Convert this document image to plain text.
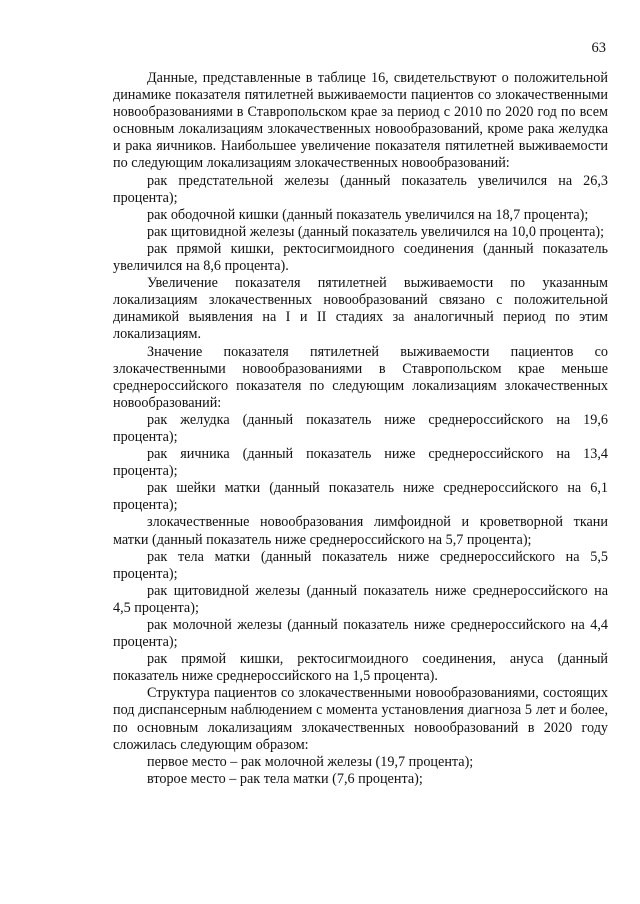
63

Данные, представленные в таблице 16, свидетельствуют о положительной динамике показателя пятилетней выживаемости пациентов со злокачественными новообразованиями в Ставропольском крае за период с 2010 по 2020 год по всем основным локализациям злокачественных новообразований, кроме рака желудка и рака яичников. Наибольшее увеличение показателя пятилетней выживаемости по следующим локализациям злокачественных новообразований:

рак предстательной железы (данный показатель увеличился на 26,3 процента);

рак ободочной кишки (данный показатель увеличился на 18,7 процента);

рак щитовидной железы (данный показатель увеличился на 10,0 процента);

рак прямой кишки, ректосигмоидного соединения (данный показатель увеличился на 8,6 процента).

Увеличение показателя пятилетней выживаемости по указанным локализациям злокачественных новообразований связано с положительной динамикой выявления на I и II стадиях за аналогичный период по этим локализациям.

Значение показателя пятилетней выживаемости пациентов со злокачественными новообразованиями в Ставропольском крае меньше среднероссийского показателя по следующим локализациям злокачественных новообразований:

рак желудка (данный показатель ниже среднероссийского на 19,6 процента);

рак яичника (данный показатель ниже среднероссийского на 13,4 процента);

рак шейки матки (данный показатель ниже среднероссийского на 6,1 процента);

злокачественные новообразования лимфоидной и кроветворной ткани матки (данный показатель ниже среднероссийского на 5,7 процента);

рак тела матки (данный показатель ниже среднероссийского на 5,5 процента);

рак щитовидной железы (данный показатель ниже среднероссийского на 4,5 процента);

рак молочной железы (данный показатель ниже среднероссийского на 4,4 процента);

рак прямой кишки, ректосигмоидного соединения, ануса (данный показатель ниже среднероссийского на 1,5 процента).

Структура пациентов со злокачественными новообразованиями, состоящих под диспансерным наблюдением с момента установления диагноза 5 лет и более, по основным локализациям злокачественных новообразований в 2020 году сложилась следующим образом:

первое место – рак молочной железы (19,7 процента);

второе место – рак тела матки (7,6 процента);
